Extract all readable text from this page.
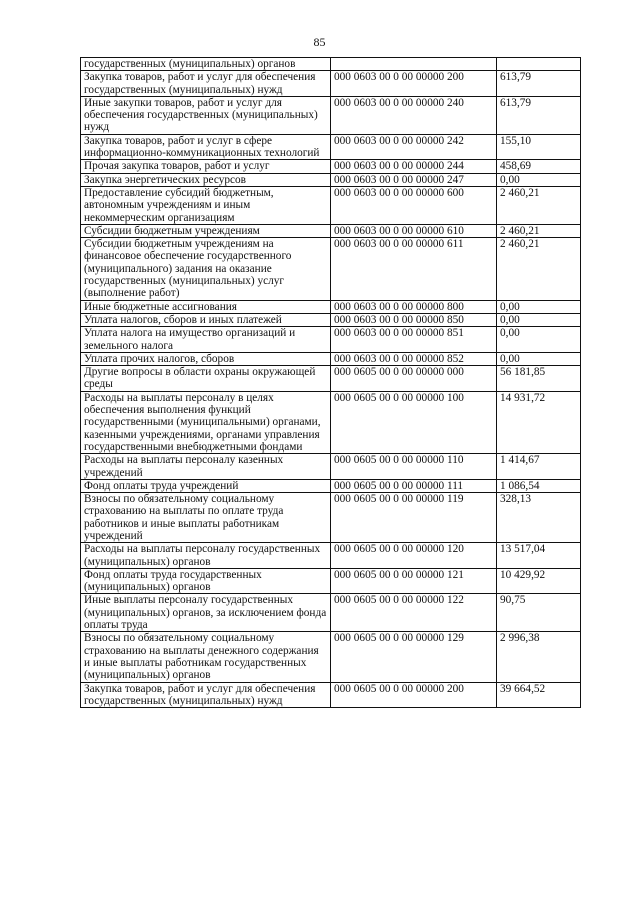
85
государственных (муниципальных) органов		
Закупка товаров, работ и услуг для обеспечения государственных (муниципальных) нужд	000 0603 00 0 00 00000 200	613,79
Иные закупки товаров, работ и услуг для обеспечения государственных (муниципальных) нужд	000 0603 00 0 00 00000 240	613,79
Закупка товаров, работ и услуг в сфере информационно-коммуникационных технологий	000 0603 00 0 00 00000 242	155,10
Прочая закупка товаров, работ и услуг	000 0603 00 0 00 00000 244	458,69
Закупка энергетических ресурсов	000 0603 00 0 00 00000 247	0,00
Предоставление субсидий бюджетным, автономным учреждениям и иным некоммерческим организациям	000 0603 00 0 00 00000 600	2 460,21
Субсидии бюджетным учреждениям	000 0603 00 0 00 00000 610	2 460,21
Субсидии бюджетным учреждениям на финансовое обеспечение государственного (муниципального) задания на оказание государственных (муниципальных) услуг (выполнение работ)	000 0603 00 0 00 00000 611	2 460,21
Иные бюджетные ассигнования	000 0603 00 0 00 00000 800	0,00
Уплата налогов, сборов и иных платежей	000 0603 00 0 00 00000 850	0,00
Уплата налога на имущество организаций и земельного налога	000 0603 00 0 00 00000 851	0,00
Уплата прочих налогов, сборов	000 0603 00 0 00 00000 852	0,00
Другие вопросы в области охраны окружающей среды	000 0605 00 0 00 00000 000	56 181,85
Расходы на выплаты персоналу в целях обеспечения выполнения функций государственными (муниципальными) органами, казенными учреждениями, органами управления государственными внебюджетными фондами	000 0605 00 0 00 00000 100	14 931,72
Расходы на выплаты персоналу казенных учреждений	000 0605 00 0 00 00000 110	1 414,67
Фонд оплаты труда учреждений	000 0605 00 0 00 00000 111	1 086,54
Взносы по обязательному социальному страхованию на выплаты по оплате труда работников и иные выплаты работникам учреждений	000 0605 00 0 00 00000 119	328,13
Расходы на выплаты персоналу государственных (муниципальных) органов	000 0605 00 0 00 00000 120	13 517,04
Фонд оплаты труда государственных (муниципальных) органов	000 0605 00 0 00 00000 121	10 429,92
Иные выплаты персоналу государственных (муниципальных) органов, за исключением фонда оплаты труда	000 0605 00 0 00 00000 122	90,75
Взносы по обязательному социальному страхованию на выплаты денежного содержания и иные выплаты работникам государственных (муниципальных) органов	000 0605 00 0 00 00000 129	2 996,38
Закупка товаров, работ и услуг для обеспечения государственных (муниципальных) нужд	000 0605 00 0 00 00000 200	39 664,52
